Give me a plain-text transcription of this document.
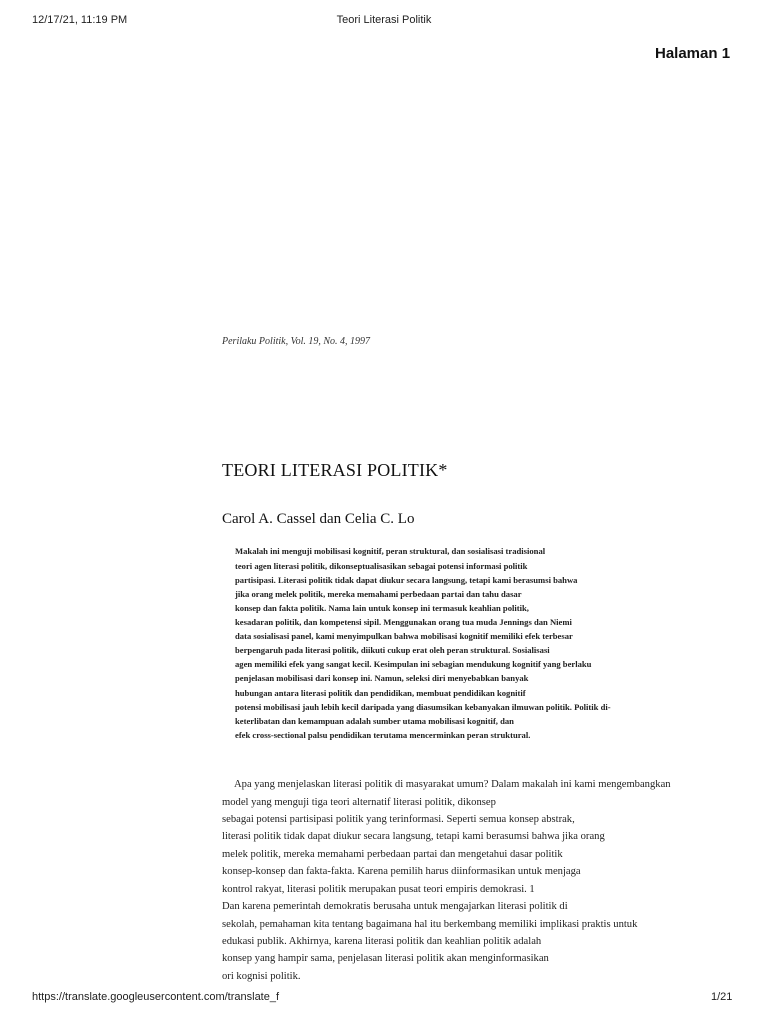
12/17/21, 11:19 PM	Teori Literasi Politik
Halaman 1
Perilaku Politik, Vol. 19, No. 4, 1997
TEORI LITERASI POLITIK*
Carol A. Cassel dan Celia C. Lo
Makalah ini menguji mobilisasi kognitif, peran struktural, dan sosialisasi tradisional
teori agen literasi politik, dikonseptualisasikan sebagai potensi informasi politik
partisipasi. Literasi politik tidak dapat diukur secara langsung, tetapi kami berasumsi bahwa
jika orang melek politik, mereka memahami perbedaan partai dan tahu dasar
konsep dan fakta politik. Nama lain untuk konsep ini termasuk keahlian politik,
kesadaran politik, dan kompetensi sipil. Menggunakan orang tua muda Jennings dan Niemi
data sosialisasi panel, kami menyimpulkan bahwa mobilisasi kognitif memiliki efek terbesar
berpengaruh pada literasi politik, diikuti cukup erat oleh peran struktural. Sosialisasi
agen memiliki efek yang sangat kecil. Kesimpulan ini sebagian mendukung kognitif yang berlaku
penjelasan mobilisasi dari konsep ini. Namun, seleksi diri menyebabkan banyak
hubungan antara literasi politik dan pendidikan, membuat pendidikan kognitif
potensi mobilisasi jauh lebih kecil daripada yang diasumsikan kebanyakan ilmuwan politik. Politik di-
keterlibatan dan kemampuan adalah sumber utama mobilisasi kognitif, dan
efek cross-sectional palsu pendidikan terutama mencerminkan peran struktural.
Apa yang menjelaskan literasi politik di masyarakat umum? Dalam makalah ini kami mengembangkan
model yang menguji tiga teori alternatif literasi politik, dikonsep
sebagai potensi partisipasi politik yang terinformasi. Seperti semua konsep abstrak,
literasi politik tidak dapat diukur secara langsung, tetapi kami berasumsi bahwa jika orang
melek politik, mereka memahami perbedaan partai dan mengetahui dasar politik
konsep-konsep dan fakta-fakta. Karena pemilih harus diinformasikan untuk menjaga
kontrol rakyat, literasi politik merupakan pusat teori empiris demokrasi. 1
Dan karena pemerintah demokratis berusaha untuk mengajarkan literasi politik di
sekolah, pemahaman kita tentang bagaimana hal itu berkembang memiliki implikasi praktis untuk
edukasi publik. Akhirnya, karena literasi politik dan keahlian politik adalah
konsep yang hampir sama, penjelasan literasi politik akan menginformasikan
ori kognisi politik.
https://translate.googleusercontent.com/translate_f	1/21
